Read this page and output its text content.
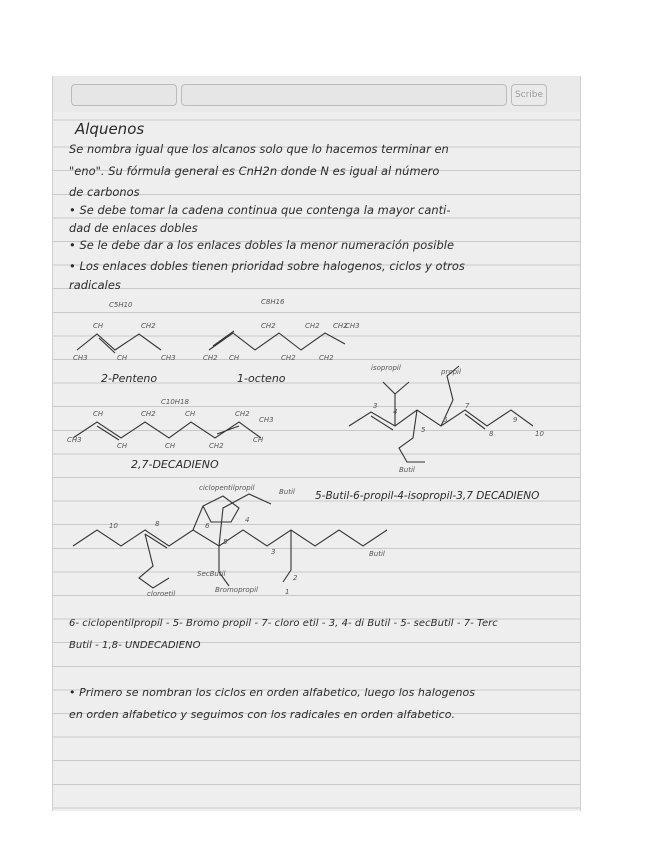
Scribe
Alquenos
Se nombra igual que los alcanos solo que lo hacemos terminar en
"eno". Su fórmula general es CnH2n donde N es igual al número
de carbonos
• Se debe tomar la cadena continua que contenga la mayor canti-
dad de enlaces dobles
• Se le debe dar a los enlaces dobles la menor numeración posible
• Los enlaces dobles tienen prioridad sobre halogenos, ciclos y otros
radicales
C5H10
CH3
CH
CH
CH2
CH3
2-Penteno
C8H16
CH2 CH
CH2
CH2
CH2
CH2
CH2
CH3
1-octeno
C10H18
CH3
CH
CH
CH2
CH
CH
CH2
CH2
CH
CH3
2,7-DECADIENO
isopropil	propil
Butil
4
5
6
7
3
8
9
10
5-Butil-6-propil-4-isopropil-3,7 DECADIENO
ciclopentilpropil	Butil
Butil
SecButil
Bromopropil
cloroetil
10	8	6
5
4
3
2
1
6- ciclopentilpropil - 5- Bromo propil - 7- cloro etil - 3, 4- di Butil - 5- secButil - 7- Terc
Butil - 1,8- UNDECADIENO
• Primero se nombran los ciclos en orden alfabetico, luego los halogenos
en orden alfabetico y seguimos con los radicales en orden alfabetico.
